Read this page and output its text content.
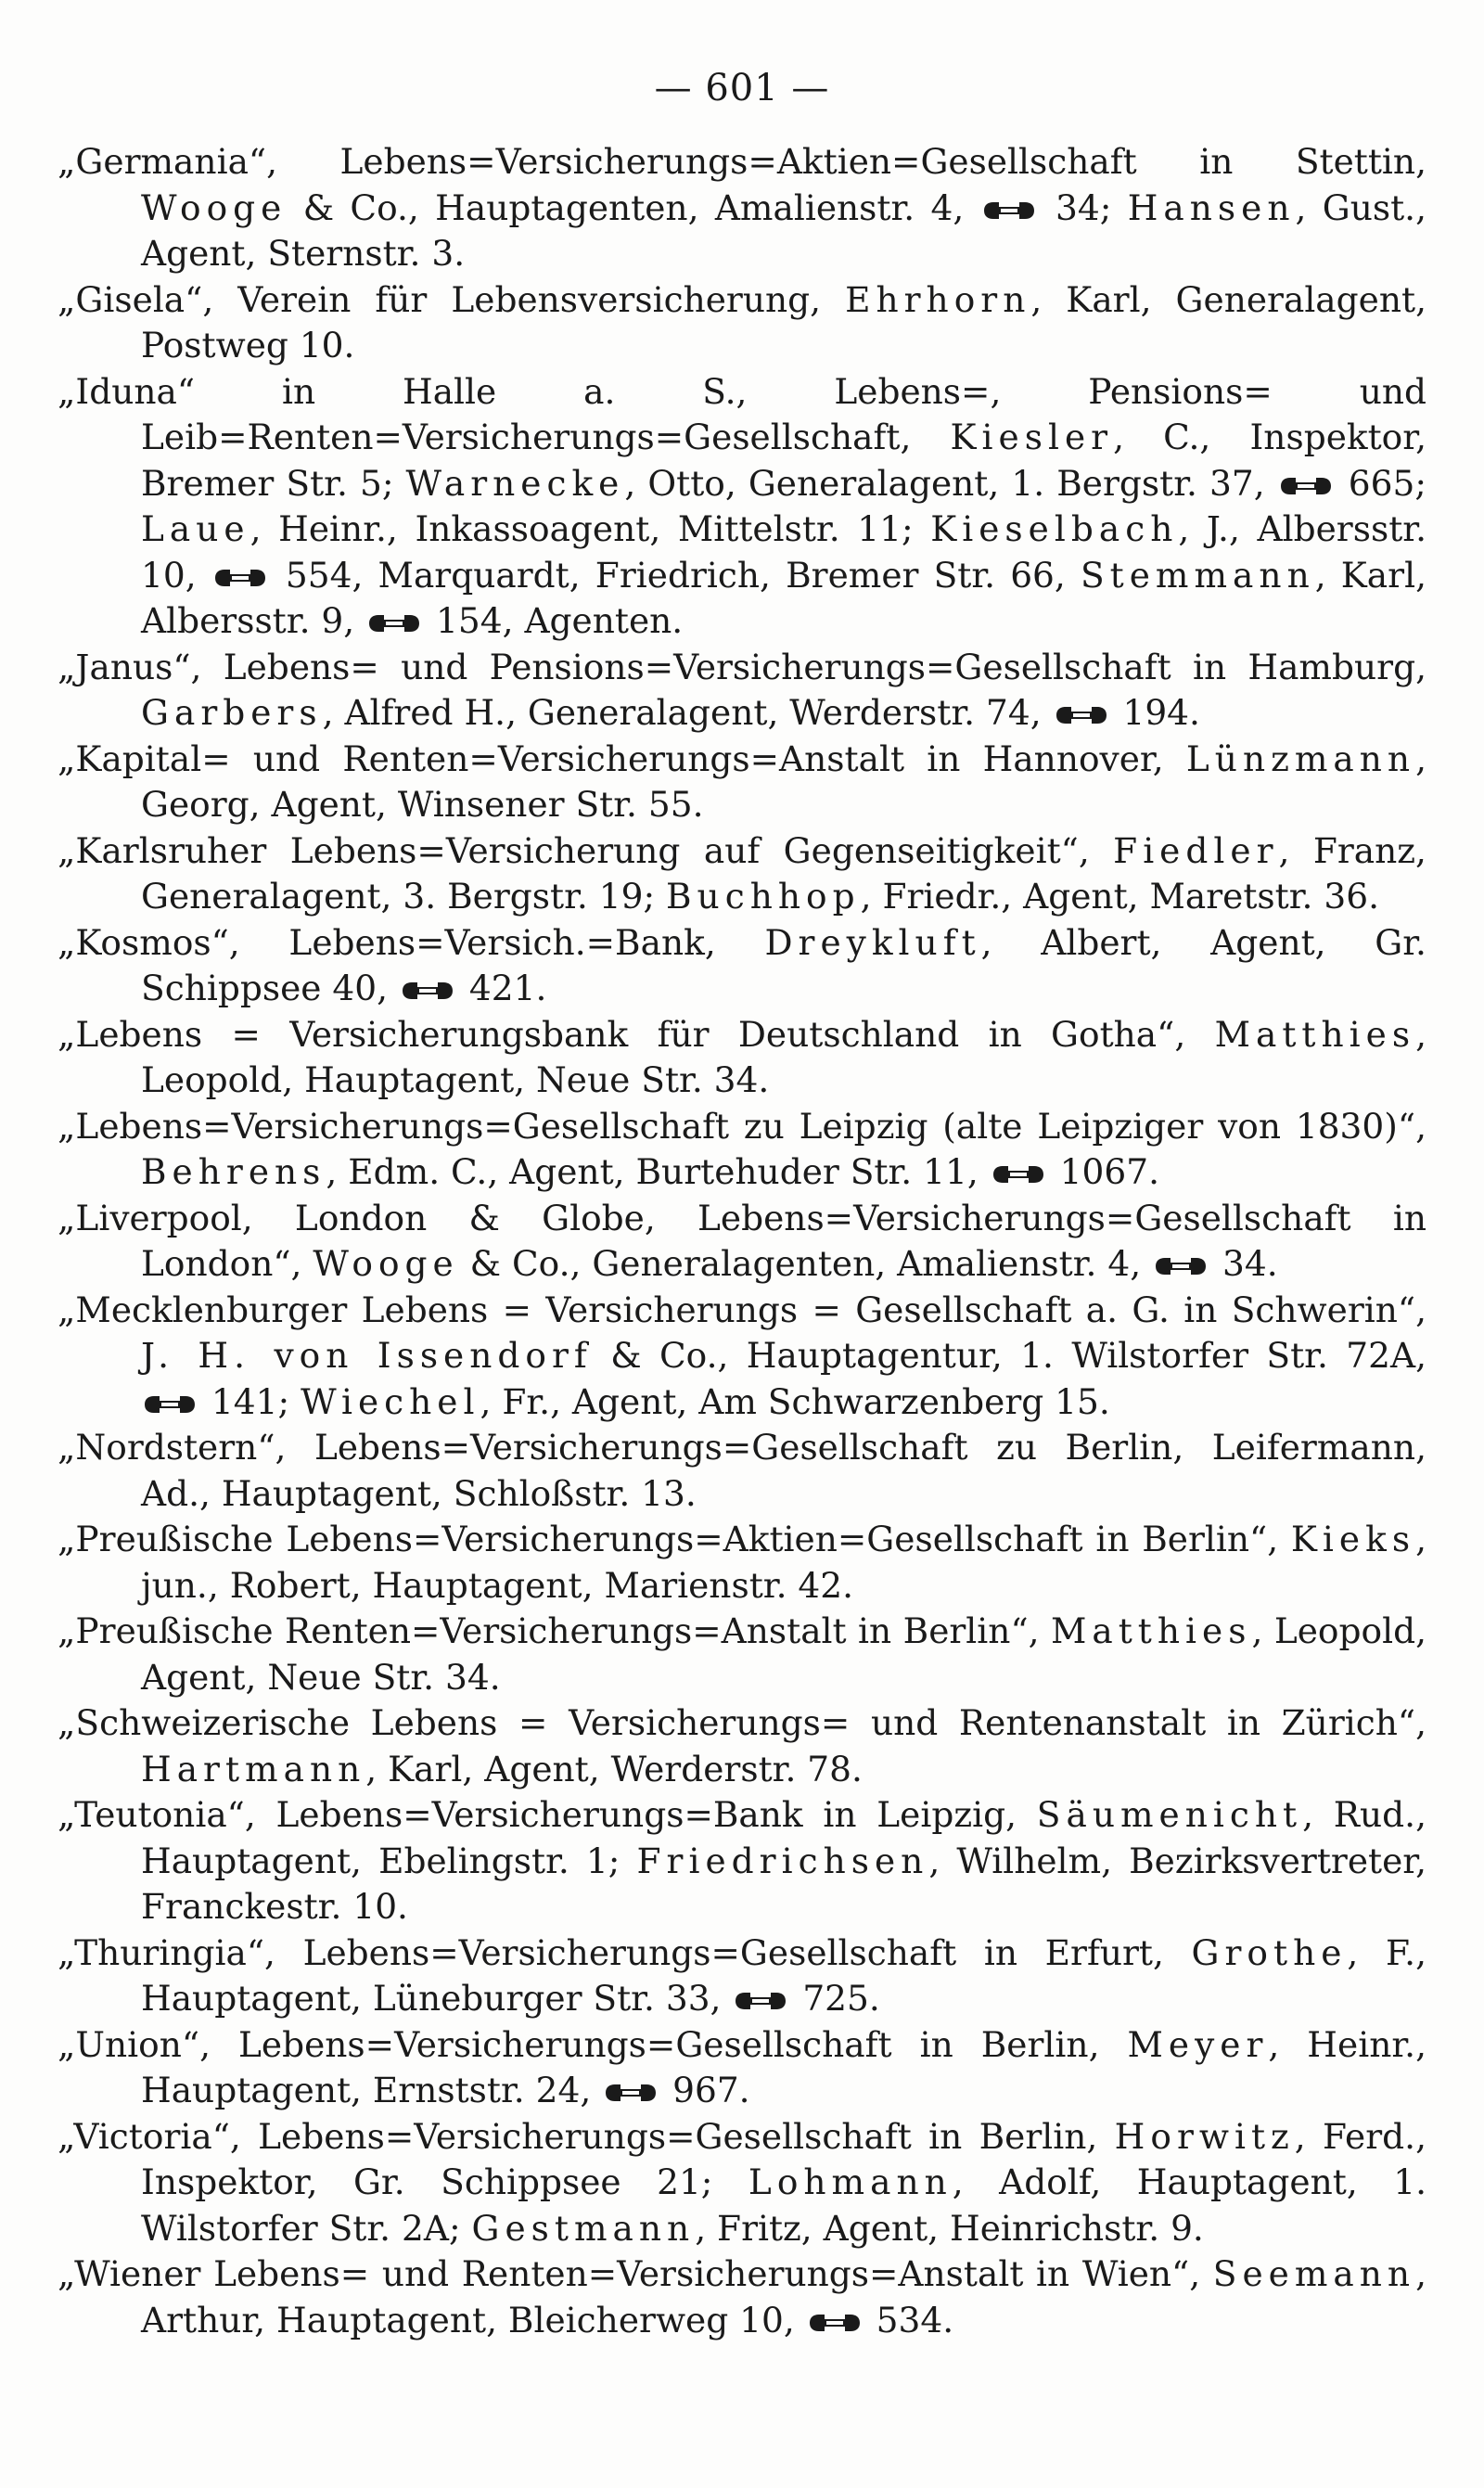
— 601 —

„Germania“, Lebens=Versicherungs=Aktien=Gesellschaft in Stettin, Wooge & Co., Hauptagenten, Amalienstr. 4,
34; Hansen, Gust., Agent, Sternstr. 3.

„Gisela“, Verein für Lebensversicherung, Ehrhorn, Karl, Generalagent, Postweg 10.

„Iduna“ in Halle a. S., Lebens=, Pensions= und Leib=Renten=Versicherungs=Gesellschaft, Kiesler, C., Inspektor, Bremer Str. 5; Warnecke, Otto, Generalagent, 1. Bergstr. 37,
665; Laue, Heinr., Inkassoagent, Mittelstr. 11; Kieselbach, J., Albersstr. 10,
554, Marquardt, Friedrich, Bremer Str. 66, Stemmann, Karl, Albersstr. 9,
154, Agenten.

„Janus“, Lebens= und Pensions=Versicherungs=Gesellschaft in Hamburg, Garbers, Alfred H., Generalagent, Werderstr. 74,
194.

„Kapital= und Renten=Versicherungs=Anstalt in Hannover, Lünzmann, Georg, Agent, Winsener Str. 55.

„Karlsruher Lebens=Versicherung auf Gegenseitigkeit“, Fiedler, Franz, Generalagent, 3. Bergstr. 19; Buchhop, Friedr., Agent, Maretstr. 36.

„Kosmos“, Lebens=Versich.=Bank, Dreykluft, Albert, Agent, Gr. Schippsee 40,
421.

„Lebens = Versicherungsbank für Deutschland in Gotha“, Matthies, Leopold, Hauptagent, Neue Str. 34.

„Lebens=Versicherungs=Gesellschaft zu Leipzig (alte Leipziger von 1830)“, Behrens, Edm. C., Agent, Burtehuder Str. 11,
1067.

„Liverpool, London & Globe, Lebens=Versicherungs=Gesellschaft in London“, Wooge & Co., Generalagenten, Amalienstr. 4,
34.

„Mecklenburger Lebens = Versicherungs = Gesellschaft a. G. in Schwerin“, J. H. von Issendorf & Co., Hauptagentur, 1. Wilstorfer Str. 72A,
141; Wiechel, Fr., Agent, Am Schwarzenberg 15.

„Nordstern“, Lebens=Versicherungs=Gesellschaft zu Berlin, Leifermann, Ad., Hauptagent, Schloßstr. 13.

„Preußische Lebens=Versicherungs=Aktien=Gesellschaft in Berlin“, Kieks, jun., Robert, Hauptagent, Marienstr. 42.

„Preußische Renten=Versicherungs=Anstalt in Berlin“, Matthies, Leopold, Agent, Neue Str. 34.

„Schweizerische Lebens = Versicherungs= und Rentenanstalt in Zürich“, Hartmann, Karl, Agent, Werderstr. 78.

„Teutonia“, Lebens=Versicherungs=Bank in Leipzig, Säumenicht, Rud., Hauptagent, Ebelingstr. 1; Friedrichsen, Wilhelm, Bezirksvertreter, Franckestr. 10.

„Thuringia“, Lebens=Versicherungs=Gesellschaft in Erfurt, Grothe, F., Hauptagent, Lüneburger Str. 33,
725.

„Union“, Lebens=Versicherungs=Gesellschaft in Berlin, Meyer, Heinr., Hauptagent, Ernststr. 24,
967.

„Victoria“, Lebens=Versicherungs=Gesellschaft in Berlin, Horwitz, Ferd., Inspektor, Gr. Schippsee 21; Lohmann, Adolf, Hauptagent, 1. Wilstorfer Str. 2A; Gestmann, Fritz, Agent, Heinrichstr. 9.

„Wiener Lebens= und Renten=Versicherungs=Anstalt in Wien“, Seemann, Arthur, Hauptagent, Bleicherweg 10,
534.
